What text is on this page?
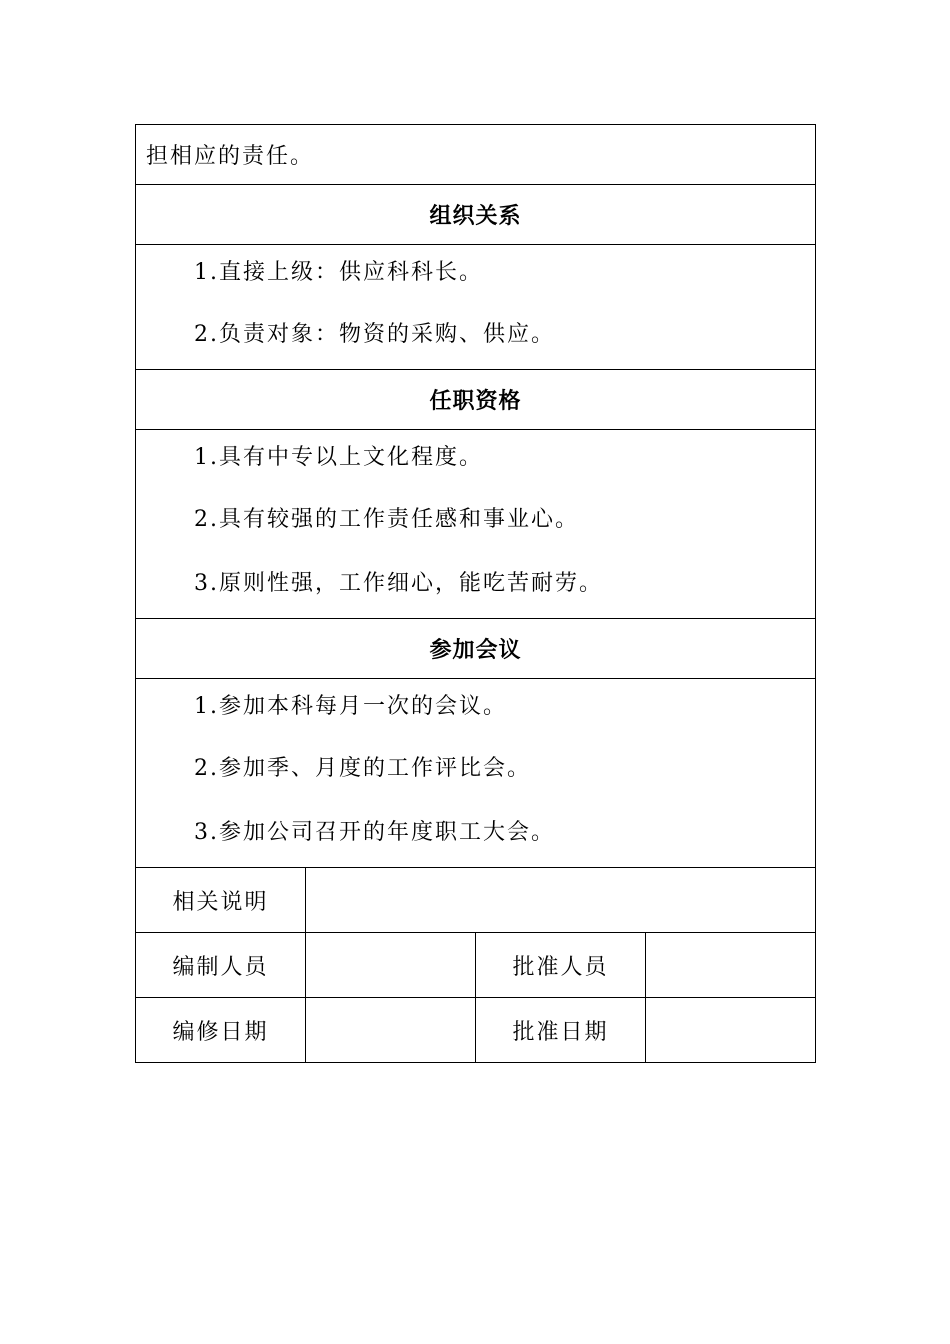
担相应的责任。			
组织关系			

1.直接上级：供应科科长。
2.负责对象：物资的采购、供应。			

任职资格			

1.具有中专以上文化程度。
2.具有较强的工作责任感和事业心。
3.原则性强，工作细心，能吃苦耐劳。			

参加会议			

1.参加本科每月一次的会议。
2.参加季、月度的工作评比会。
3.参加公司召开的年度职工大会。			

相关说明			
编制人员		批准人员	
编修日期		批准日期	
